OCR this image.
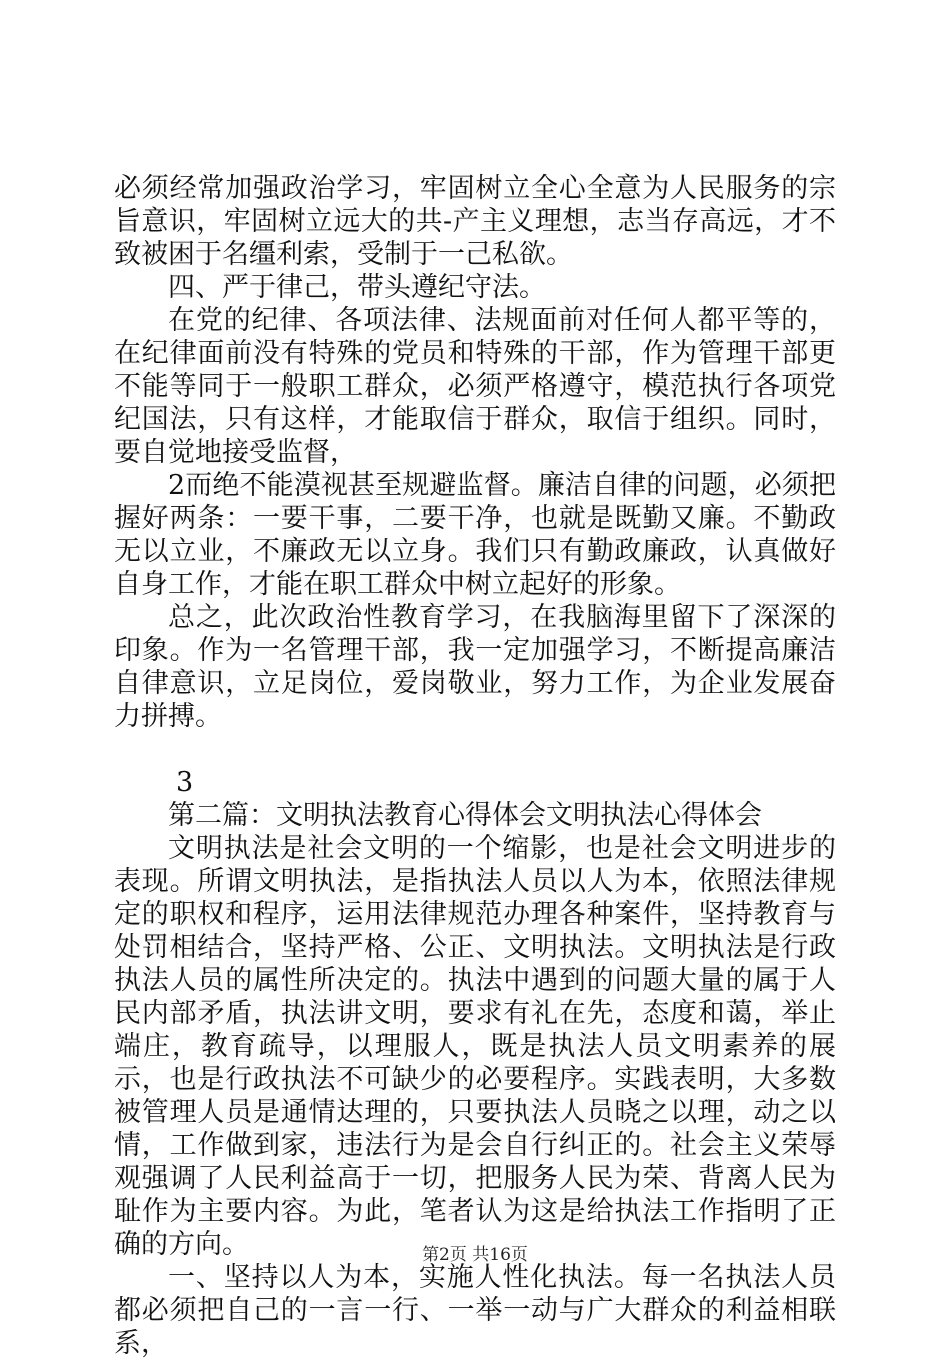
必须经常加强政治学习，牢固树立全心全意为人民服务的宗旨意识，牢固树立远大的共-产主义理想，志当存高远，才不致被困于名缰利索，受制于一己私欲。

四、严于律己，带头遵纪守法。

在党的纪律、各项法律、法规面前对任何人都平等的，在纪律面前没有特殊的党员和特殊的干部，作为管理干部更不能等同于一般职工群众，必须严格遵守，模范执行各项党纪国法，只有这样，才能取信于群众，取信于组织。同时，要自觉地接受监督，

2而绝不能漠视甚至规避监督。廉洁自律的问题，必须把握好两条：一要干事，二要干净，也就是既勤又廉。不勤政无以立业，不廉政无以立身。我们只有勤政廉政，认真做好自身工作，才能在职工群众中树立起好的形象。

总之，此次政治性教育学习，在我脑海里留下了深深的印象。作为一名管理干部，我一定加强学习，不断提高廉洁自律意识，立足岗位，爱岗敬业，努力工作，为企业发展奋力拼搏。

3

第二篇：文明执法教育心得体会文明执法心得体会

文明执法是社会文明的一个缩影，也是社会文明进步的表现。所谓文明执法，是指执法人员以人为本，依照法律规定的职权和程序，运用法律规范办理各种案件，坚持教育与处罚相结合，坚持严格、公正、文明执法。文明执法是行政执法人员的属性所决定的。执法中遇到的问题大量的属于人民内部矛盾，执法讲文明，要求有礼在先，态度和蔼，举止端庄，教育疏导，以理服人，既是执法人员文明素养的展示，也是行政执法不可缺少的必要程序。实践表明，大多数被管理人员是通情达理的，只要执法人员晓之以理，动之以情，工作做到家，违法行为是会自行纠正的。社会主义荣辱观强调了人民利益高于一切，把服务人民为荣、背离人民为耻作为主要内容。为此，笔者认为这是给执法工作指明了正确的方向。

一、坚持以人为本，实施人性化执法。每一名执法人员都必须把自己的一言一行、一举一动与广大群众的利益相联系，

第2页 共16页
